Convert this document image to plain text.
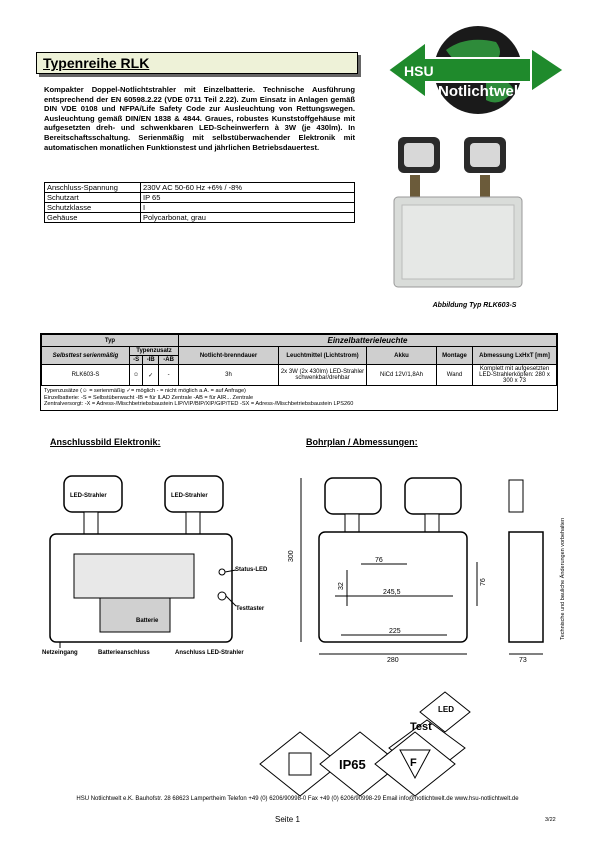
Typenreihe RLK	HSU
Notlichtwelt
Kompakter Doppel-Notlichtstrahler mit Einzelbatterie. Technische Ausführung entsprechend der EN 60598.2.22 (VDE 0711 Teil 2.22). Zum Einsatz in Anlagen gemäß DIN VDE 0108 und NFPA/Life Safety Code zur Ausleuchtung von Rettungswegen. Ausleuchtung gemäß DIN/EN 1838 & 4844. Graues, robustes Kunststoffgehäuse mit aufgesetzten dreh- und schwenkbaren LED-Scheinwerfern à 3W (je 430lm). In Bereitschaftsschaltung. Serienmäßig mit selbstüberwachender Elektronik mit automatischen monatlichen Funktionstest und jährlichen Betriebsdauertest.
Anschluss-Spannung	230V AC 50-60 Hz +6% / -8%
Schutzart	IP 65
Schutzklasse	I
Gehäuse	Polycarbonat, grau
Abbildung Typ RLK603-S
Typ				Einzelbatterieleuchte				
Selbsttest serienmäßig	Typenzusatz			Notlicht-brenndauer	Leuchtmittel (Lichtstrom)	Akku	Montage	Abmessung LxHxT [mm]
	-S	-IB	-AB					
RLK603-S	☺	✓	-	3h	2x 3W (2x 430lm) LED-Strahler schwenkbar/drehbar	NiCd 12V/1,8Ah	Wand	Komplett mit aufgesetzten LED-Strahlerköpfen: 280 x 300 x 73
Typenzusätze (☺ = serienmäßig ✓= möglich - = nicht möglich a.A. = auf Anfrage)
Einzelbatterie: -S = Selbstüberwacht -IB = für ILAD Zentrale -AB = für AIR... Zentrale
Zentralversorgt: -X = Adress-/Mischbetriebsbaustein LIP/VIP/BIP/XIP/GIP/TED -SX = Adress-/Mischbetriebsbaustein LPS260
Anschlussbild Elektronik:	Bohrplan / Abmessungen:
LED-Strahler	LED-Strahler
Batterie
Status-LED
Testtaster
Netzeingang	Batterieanschluss	Anschluss LED-Strahler
300	76
32
245,5
225
76
280	73
LED
Test
IP65	F
Technische und bauliche Änderungen vorbehalten
HSU Notlichtwelt e.K. Bauhofstr. 28 68623 Lampertheim Telefon +49 (0) 6206/90998-0 Fax +49 (0) 6206/90998-29 Email info@notlichtwelt.de www.hsu-notlichtwelt.de
Seite 1	3/22
